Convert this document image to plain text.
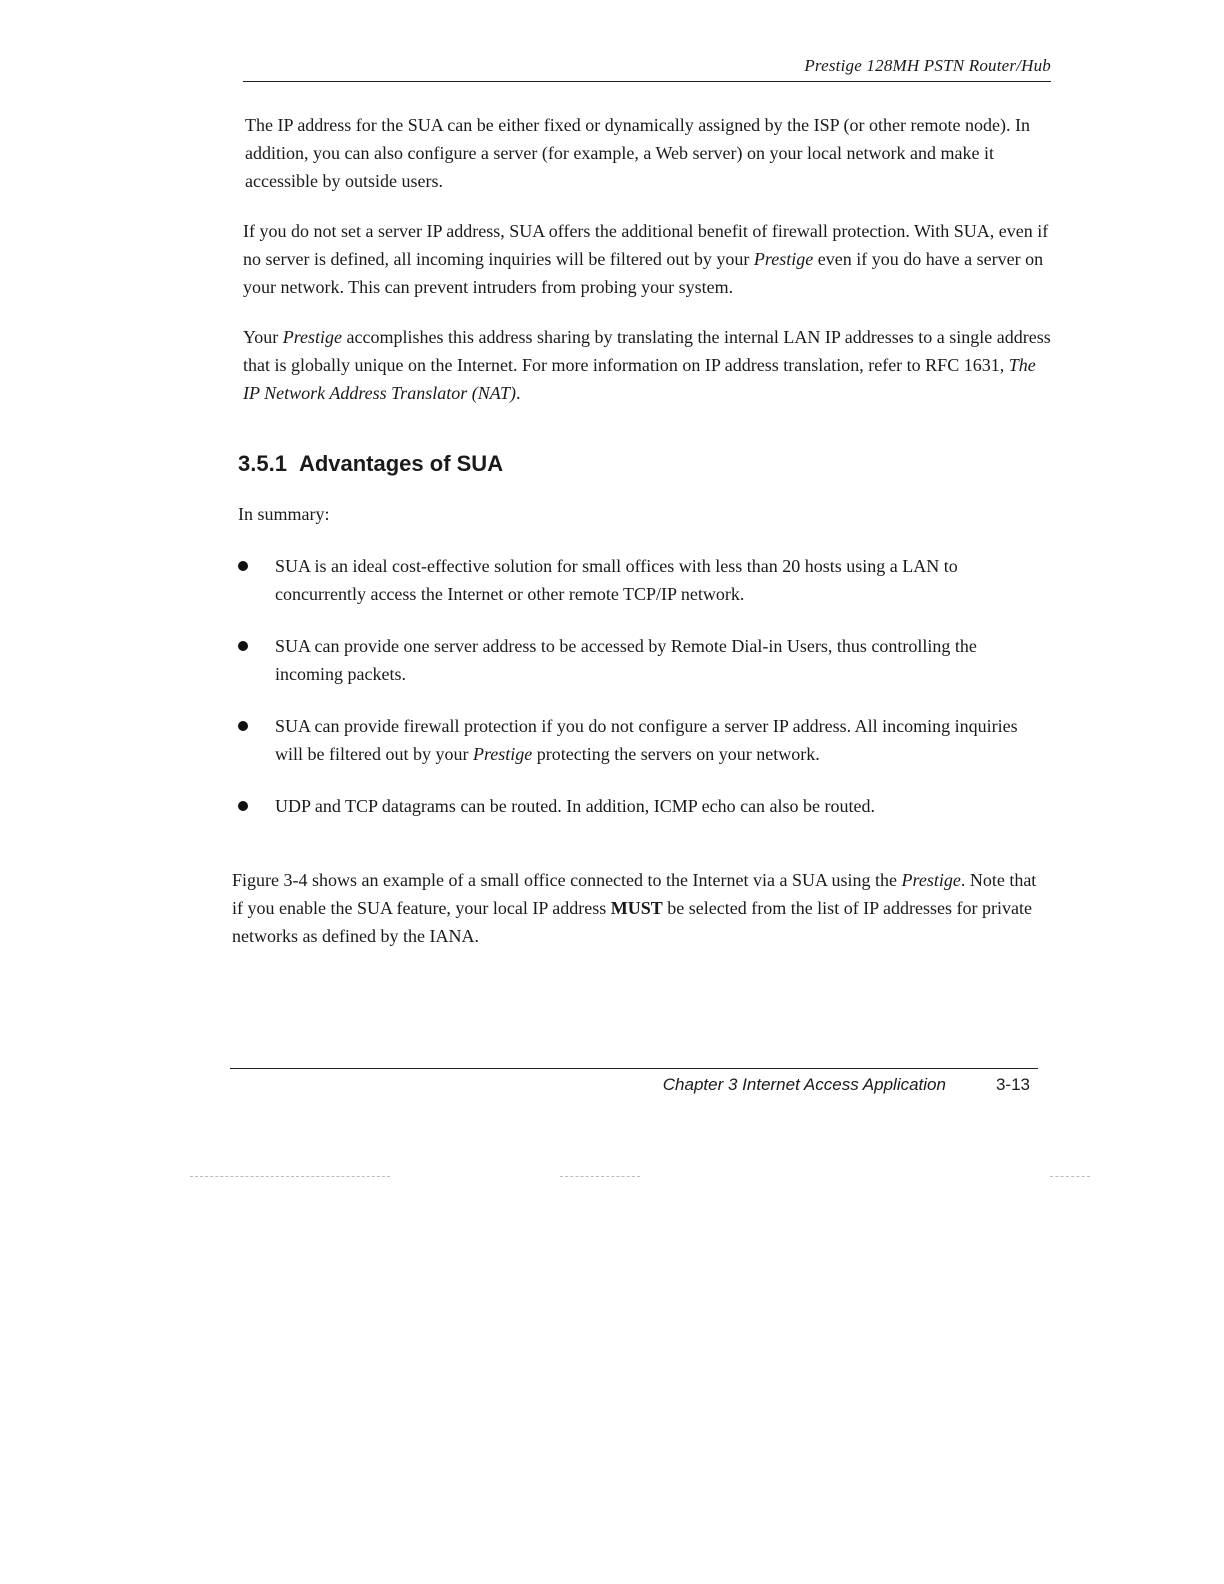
Prestige 128MH PSTN Router/Hub

The IP address for the SUA can be either fixed or dynamically assigned by the ISP (or other remote node). In addition, you can also configure a server (for example, a Web server) on your local network and make it accessible by outside users.

If you do not set a server IP address, SUA offers the additional benefit of firewall protection. With SUA, even if no server is defined, all incoming inquiries will be filtered out by your Prestige even if you do have a server on your network. This can prevent intruders from probing your system.

Your Prestige accomplishes this address sharing by translating the internal LAN IP addresses to a single address that is globally unique on the Internet. For more information on IP address translation, refer to RFC 1631, The IP Network Address Translator (NAT).

3.5.1 Advantages of SUA

In summary:

SUA is an ideal cost-effective solution for small offices with less than 20 hosts using a LAN to concurrently access the Internet or other remote TCP/IP network.
SUA can provide one server address to be accessed by Remote Dial-in Users, thus controlling the incoming packets.
SUA can provide firewall protection if you do not configure a server IP address. All incoming inquiries will be filtered out by your Prestige protecting the servers on your network.
UDP and TCP datagrams can be routed. In addition, ICMP echo can also be routed.

Figure 3-4 shows an example of a small office connected to the Internet via a SUA using the Prestige. Note that if you enable the SUA feature, your local IP address MUST be selected from the list of IP addresses for private networks as defined by the IANA.

Chapter 3 Internet Access Application	3-13
